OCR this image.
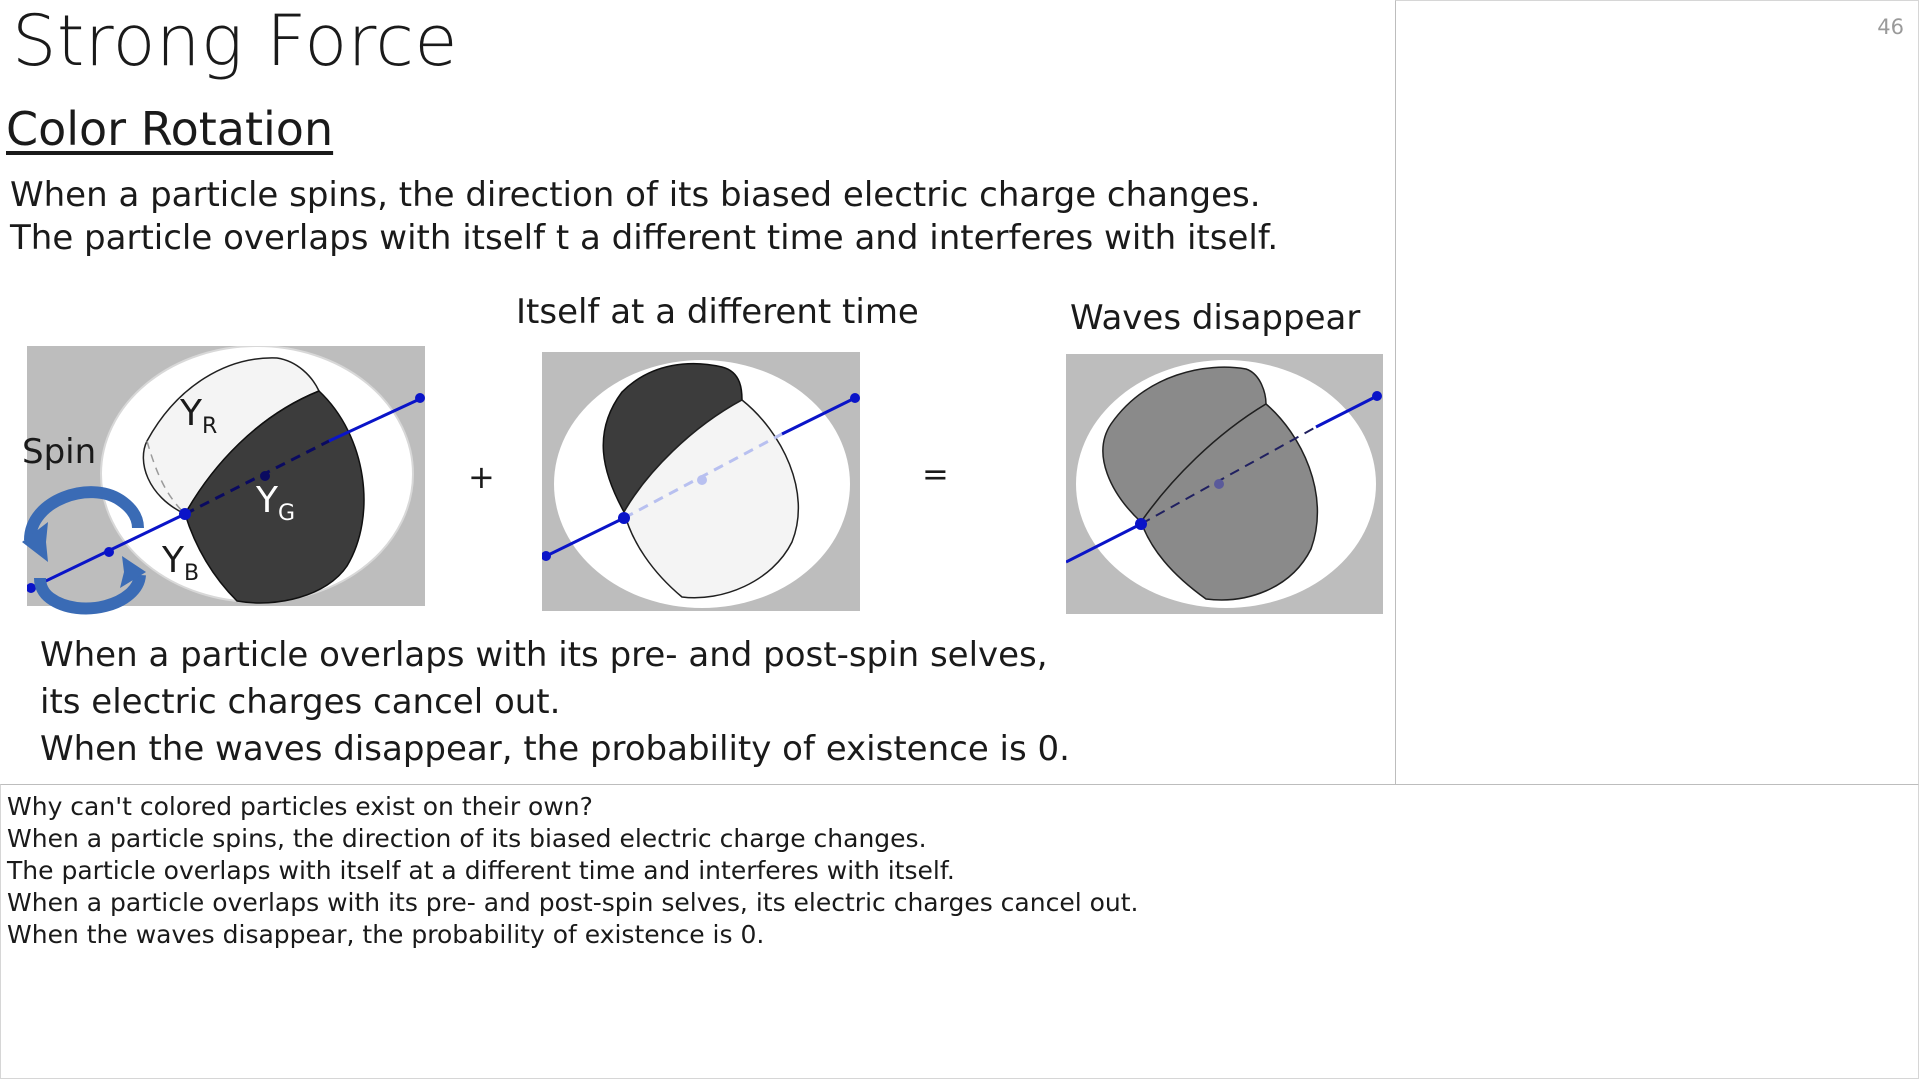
Strong Force
Color Rotation
When a particle spins, the direction of its biased electric charge changes.
The particle overlaps with itself t a different time and interferes with itself.
Itself at a different time	Waves disappear
$Y_R$
$Y_G$
$Y_B$
Spin
+	=
When a particle overlaps with its pre- and post-spin selves,
its electric charges cancel out.
When the waves disappear, the probability of existence is 0.
46
Why can't colored particles exist on their own?
When a particle spins, the direction of its biased electric charge changes.
The particle overlaps with itself at a different time and interferes with itself.
When a particle overlaps with its pre- and post-spin selves, its electric charges cancel out.
When the waves disappear, the probability of existence is 0.
